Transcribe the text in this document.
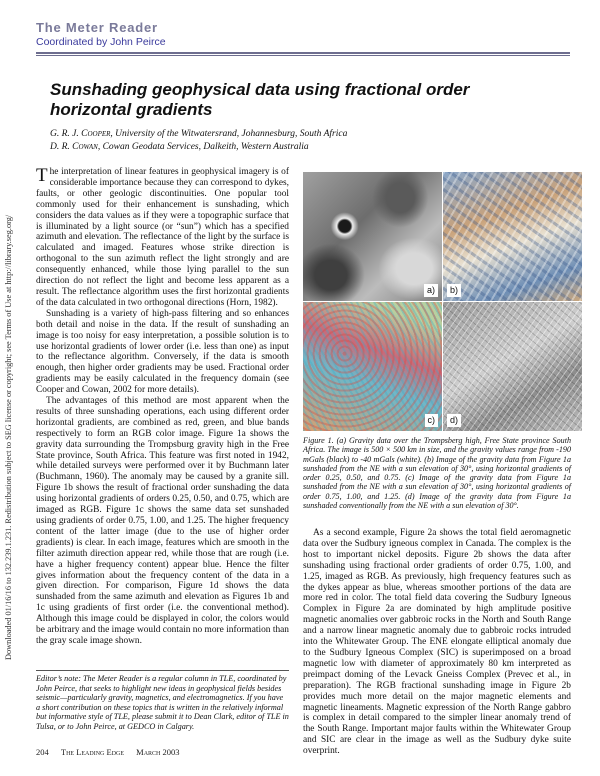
Downloaded 01/16/16 to 132.239.1.231. Redistribution subject to SEG license or copyright; see Terms of Use at http://library.seg.org/
The Meter Reader
Coordinated by John Peirce
Sunshading geophysical data using fractional order horizontal gradients
G. R. J. Cooper, University of the Witwatersrand, Johannesburg, South Africa
D. R. Cowan, Cowan Geodata Services, Dalkeith, Western Australia

The interpretation of linear features in geophysical imagery is of considerable importance because they can correspond to dykes, faults, or other geologic discontinuities. One popular tool commonly used for their enhancement is sunshading, which considers the data values as if they were a topographic surface that is illuminated by a light source (or “sun”) which has a specified azimuth and elevation. The reflectance of the light by the surface is calculated and imaged. Features whose strike direction is orthogonal to the sun azimuth reflect the light strongly and are consequently enhanced, while those lying parallel to the sun direction do not reflect the light and become less apparent as a result. The reflectance algorithm uses the first horizontal gradients of the data calculated in two orthogonal directions (Horn, 1982).

Sunshading is a variety of high-pass filtering and so enhances both detail and noise in the data. If the result of sunshading an image is too noisy for easy interpretation, a possible solution is to use horizontal gradients of lower order (i.e. less than one) as input to the reflectance algorithm. Conversely, if the data is smooth enough, then higher order gradients may be used. Fractional order gradients may be easily calculated in the frequency domain (see Cooper and Cowan, 2002 for more details).

The advantages of this method are most apparent when the results of three sunshading operations, each using different order horizontal gradients, are combined as red, green, and blue bands respectively to form an RGB color image. Figure 1a shows the gravity data surrounding the Trompsburg gravity high in the Free State province, South Africa. This feature was first noted in 1942, while detailed surveys were performed over it by Buchmann later (Buchmann, 1960). The anomaly may be caused by a granite sill. Figure 1b shows the result of fractional order sunshading the data using horizontal gradients of orders 0.25, 0.50, and 0.75, which are imaged as RGB. Figure 1c shows the same data set sunshaded using gradients of order 0.75, 1.00, and 1.25. The higher frequency content of the latter image (due to the use of higher order gradients) is clear. In each image, features which are smooth in the filter azimuth direction appear red, while those that are rough (i.e. have a higher frequency content) appear blue. Hence the filter gives information about the frequency content of the data in a given direction. For comparison, Figure 1d shows the data sunshaded from the same azimuth and elevation as Figures 1b and 1c using gradients of first order (i.e. the conventional method). Although this image could be displayed in color, the colors would be arbitrary and the image would contain no more information than the gray scale image shown.

Editor’s note: The Meter Reader is a regular column in TLE, coordinated by John Peirce, that seeks to highlight new ideas in geophysical fields besides seismic—particularly gravity, magnetics, and electromagnetics. If you have a short contribution on these topics that is written in the relatively informal but informative style of TLE, please submit it to Dean Clark, editor of TLE in Tulsa, or to John Peirce, at GEDCO in Calgary.
a)	b)
c)	d)
Figure 1. (a) Gravity data over the Trompsberg high, Free State province South Africa. The image is 500 × 500 km in size, and the gravity values range from -190 mGals (black) to -40 mGals (white). (b) Image of the gravity data from Figure 1a sunshaded from the NE with a sun elevation of 30°, using horizontal gradients of order 0.25, 0.50, and 0.75. (c) Image of the gravity data from Figure 1a sunshaded from the NE with a sun elevation of 30°, using horizontal gradients of order 0.75, 1.00, and 1.25. (d) Image of the gravity data from Figure 1a sunshaded conventionally from the NE with a sun elevation of 30°.

As a second example, Figure 2a shows the total field aeromagnetic data over the Sudbury igneous complex in Canada. The complex is the host to important nickel deposits. Figure 2b shows the data after sunshading using fractional order gradients of order 0.75, 1.00, and 1.25, imaged as RGB. As previously, high frequency features such as the dykes appear as blue, whereas smoother portions of the data are more red in color. The total field data covering the Sudbury Igneous Complex in Figure 2a are dominated by high amplitude positive magnetic anomalies over gabbroic rocks in the North and South Range and a narrow linear magnetic anomaly due to gabbroic rocks intruded into the Whitewater Group. The ENE elongate elliptical anomaly due to the Sudbury Igneous Complex (SIC) is superimposed on a broad magnetic low with diameter of approximately 80 km interpreted as preimpact doming of the Levack Gneiss Complex (Prevec et al., in preparation). The RGB fractional sunshading image in Figure 2b provides much more detail on the major magnetic elements and magnetic lineaments. Magnetic expression of the North Range gabbro is complex in detail compared to the simpler linear anomaly trend of the South Range. Important major faults within the Whitewater Group and SIC are clear in the image as well as the Sudbury dyke suite overprint.

204 The Leading Edge March 2003
